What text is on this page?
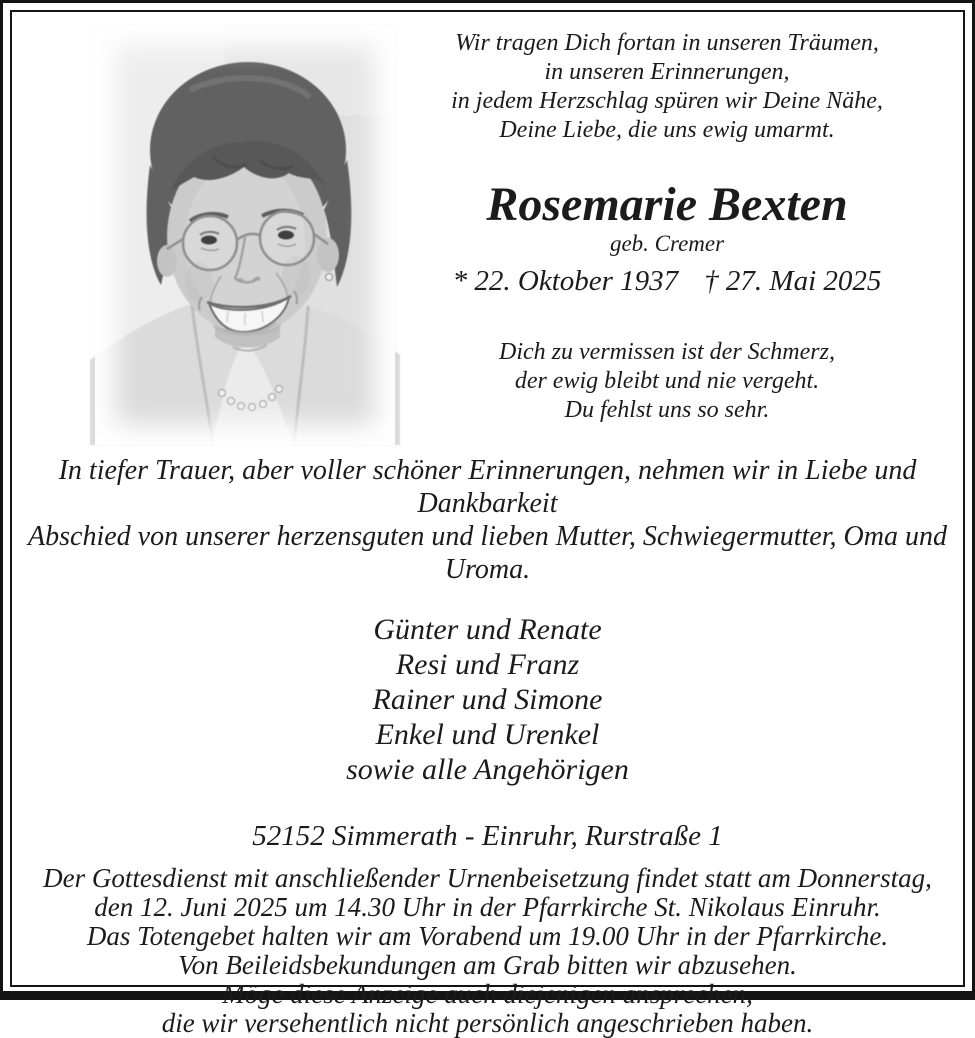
Wir tragen Dich fortan in unseren Träumen,
in unseren Erinnerungen,
in jedem Herzschlag spüren wir Deine Nähe,
Deine Liebe, die uns ewig umarmt.
Rosemarie Bexten
geb. Cremer
* 22. Oktober 1937 † 27. Mai 2025
Dich zu vermissen ist der Schmerz,
der ewig bleibt und nie vergeht.
Du fehlst uns so sehr.
In tiefer Trauer, aber voller schöner Erinnerungen, nehmen wir in Liebe und Dankbarkeit
Abschied von unserer herzensguten und lieben Mutter, Schwiegermutter, Oma und Uroma.
Günter und Renate
Resi und Franz
Rainer und Simone
Enkel und Urenkel
sowie alle Angehörigen
52152 Simmerath - Einruhr, Rurstraße 1
Der Gottesdienst mit anschließender Urnenbeisetzung findet statt am Donnerstag,
den 12. Juni 2025 um 14.30 Uhr in der Pfarrkirche St. Nikolaus Einruhr.
Das Totengebet halten wir am Vorabend um 19.00 Uhr in der Pfarrkirche.
Von Beileidsbekundungen am Grab bitten wir abzusehen.
Möge diese Anzeige auch diejenigen ansprechen,
die wir versehentlich nicht persönlich angeschrieben haben.
